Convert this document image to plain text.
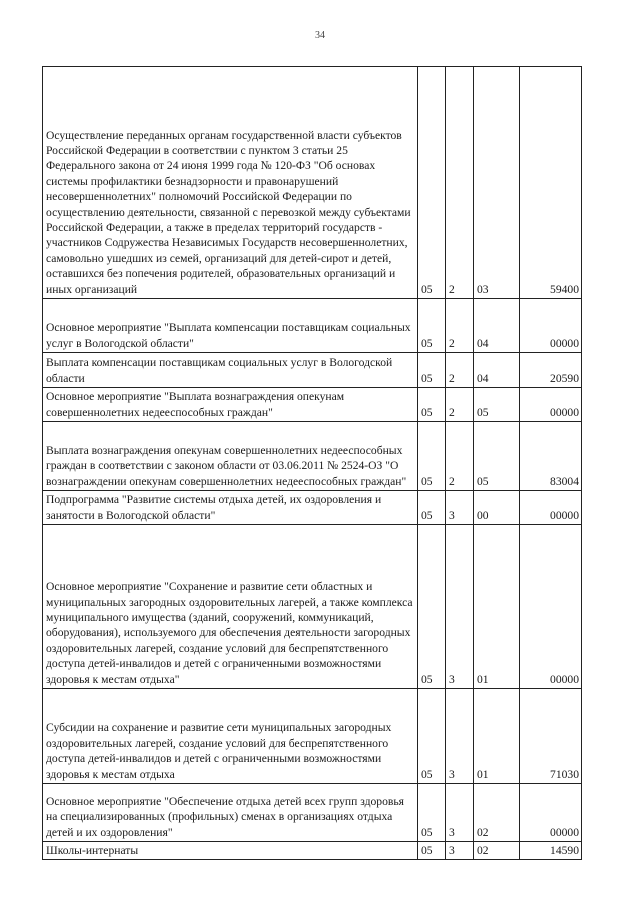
34
Осуществление переданных органам государственной власти субъектов Российской Федерации в соответствии с пунктом 3 статьи 25 Федерального закона от 24 июня 1999 года № 120-ФЗ "Об основах системы профилактики безнадзорности и правонарушений несовершеннолетних" полномочий Российской Федерации по осуществлению деятельности, связанной с перевозкой между субъектами Российской Федерации, а также в пределах территорий государств - участников Содружества Независимых Государств несовершеннолетних, самовольно ушедших из семей, организаций для детей-сирот и детей, оставшихся без попечения родителей, образовательных организаций и иных организаций	05	2	03	59400

Основное мероприятие "Выплата компенсации поставщикам социальных услуг в Вологодской области"	05	2	04	00000

Выплата компенсации поставщикам социальных услуг в Вологодской области	05	2	04	20590

Основное мероприятие "Выплата вознаграждения опекунам совершеннолетних недееспособных граждан"	05	2	05	00000

Выплата вознаграждения опекунам совершеннолетних недееспособных граждан в соответствии с законом области от 03.06.2011 № 2524-ОЗ "О вознаграждении опекунам совершеннолетних недееспособных граждан"	05	2	05	83004

Подпрограмма "Развитие системы отдыха детей, их оздоровления и занятости в Вологодской области"	05	3	00	00000

Основное мероприятие "Сохранение и развитие сети областных и муниципальных загородных оздоровительных лагерей, а также комплекса муниципального имущества (зданий, сооружений, коммуникаций, оборудования), используемого для обеспечения деятельности загородных оздоровительных лагерей, создание условий для беспрепятственного доступа детей-инвалидов и детей с ограниченными возможностями здоровья к местам отдыха"	05	3	01	00000

Субсидии на сохранение и развитие сети муниципальных загородных оздоровительных лагерей, создание условий для беспрепятственного доступа детей-инвалидов и детей с ограниченными возможностями здоровья к местам отдыха	05	3	01	71030

Основное мероприятие "Обеспечение отдыха детей всех групп здоровья на специализированных (профильных) сменах в организациях отдыха детей и их оздоровления"	05	3	02	00000

Школы-интернаты	05	3	02	14590
